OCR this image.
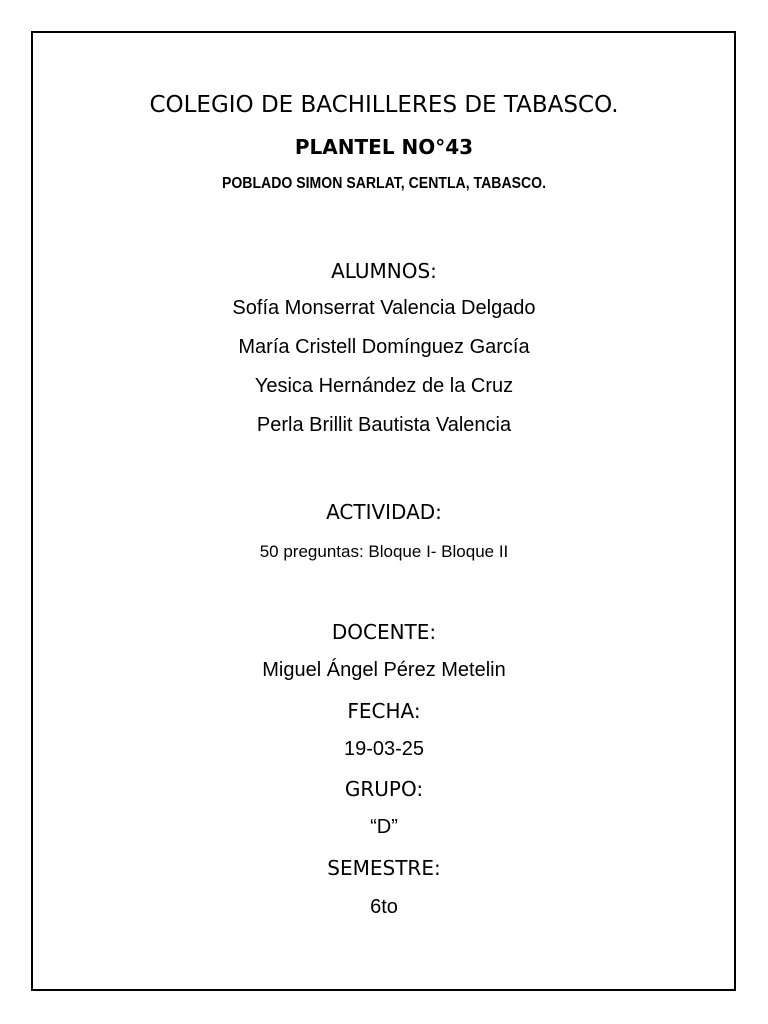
COLEGIO DE BACHILLERES DE TABASCO.
PLANTEL NO°43
POBLADO SIMON SARLAT, CENTLA, TABASCO.
ALUMNOS:
Sofía Monserrat Valencia Delgado
María Cristell Domínguez García
Yesica Hernández de la Cruz
Perla Brillit Bautista Valencia
ACTIVIDAD:
50 preguntas: Bloque I- Bloque II
DOCENTE:
Miguel Ángel Pérez Metelin
FECHA:
19-03-25
GRUPO:
“D”
SEMESTRE:
6to
